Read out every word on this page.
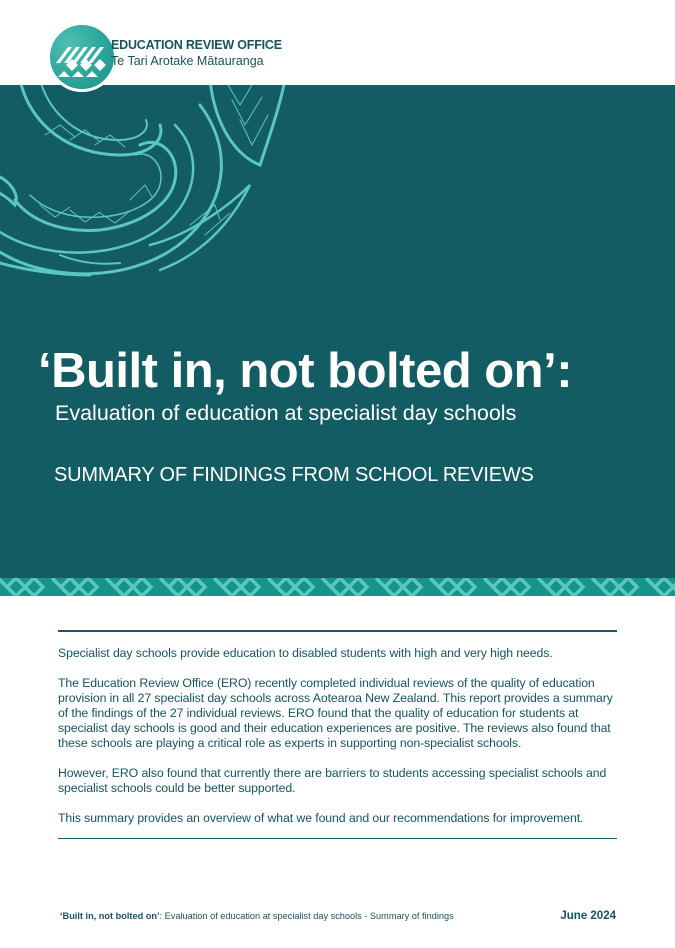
EDUCATION REVIEW OFFICE
Te Tari Arotake Mātauranga
‘Built in, not bolted on’:
Evaluation of education at specialist day schools
SUMMARY OF FINDINGS FROM SCHOOL REVIEWS

Specialist day schools provide education to disabled students with high and very high needs.

The Education Review Office (ERO) recently completed individual reviews of the quality of education provision in all 27 specialist day schools across Aotearoa New Zealand. This report provides a summary of the findings of the 27 individual reviews. ERO found that the quality of education for students at specialist day schools is good and their education experiences are positive. The reviews also found that these schools are playing a critical role as experts in supporting non-specialist schools.

However, ERO also found that currently there are barriers to students accessing specialist schools and specialist schools could be better supported.

This summary provides an overview of what we found and our recommendations for improvement.

‘Built in, not bolted on’: Evaluation of education at specialist day schools - Summary of findings	June 2024
